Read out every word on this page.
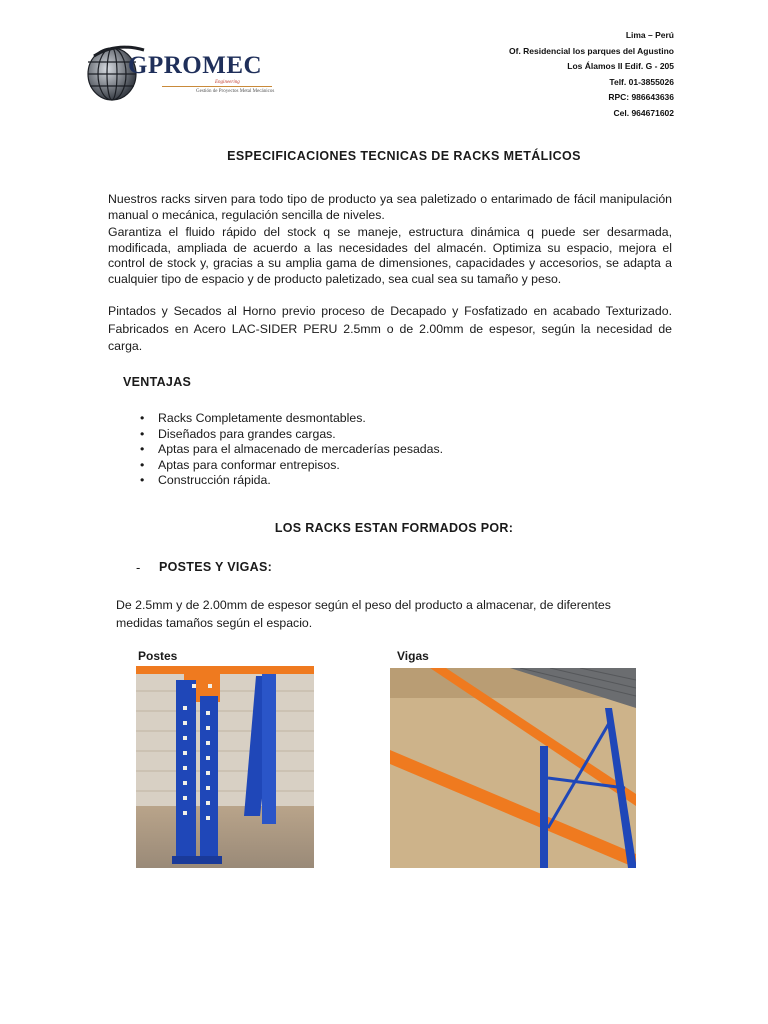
GPROMEC
Engineering
Gestión de Proyectos Metal Mecánicos
Lima – Perú
Of. Residencial los parques del Agustino
Los Álamos II Edif. G - 205
Telf. 01-3855026
RPC: 986643636
Cel. 964671602
ESPECIFICACIONES TECNICAS DE RACKS METÁLICOS
Nuestros racks sirven para todo tipo de producto ya sea paletizado o entarimado de fácil manipulación manual o mecánica, regulación sencilla de niveles.
Garantiza el fluido rápido del stock q se maneje, estructura dinámica q puede ser desarmada, modificada, ampliada de acuerdo a las necesidades del almacén. Optimiza su espacio, mejora el control de stock y, gracias a su amplia gama de dimensiones, capacidades y accesorios, se adapta a cualquier tipo de espacio y de producto paletizado, sea cual sea su tamaño y peso.
Pintados y Secados al Horno previo proceso de Decapado y Fosfatizado en acabado Texturizado. Fabricados en Acero LAC-SIDER PERU 2.5mm o de 2.00mm de espesor, según la necesidad de carga.
VENTAJAS
• Racks Completamente desmontables.
• Diseñados para grandes cargas.
• Aptas para el almacenado de mercaderías pesadas.
• Aptas para conformar entrepisos.
• Construcción rápida.
LOS RACKS ESTAN FORMADOS POR:
- POSTES Y VIGAS:
De 2.5mm y de 2.00mm de espesor según el peso del producto a almacenar, de diferentes medidas tamaños según el espacio.
Postes	Vigas
